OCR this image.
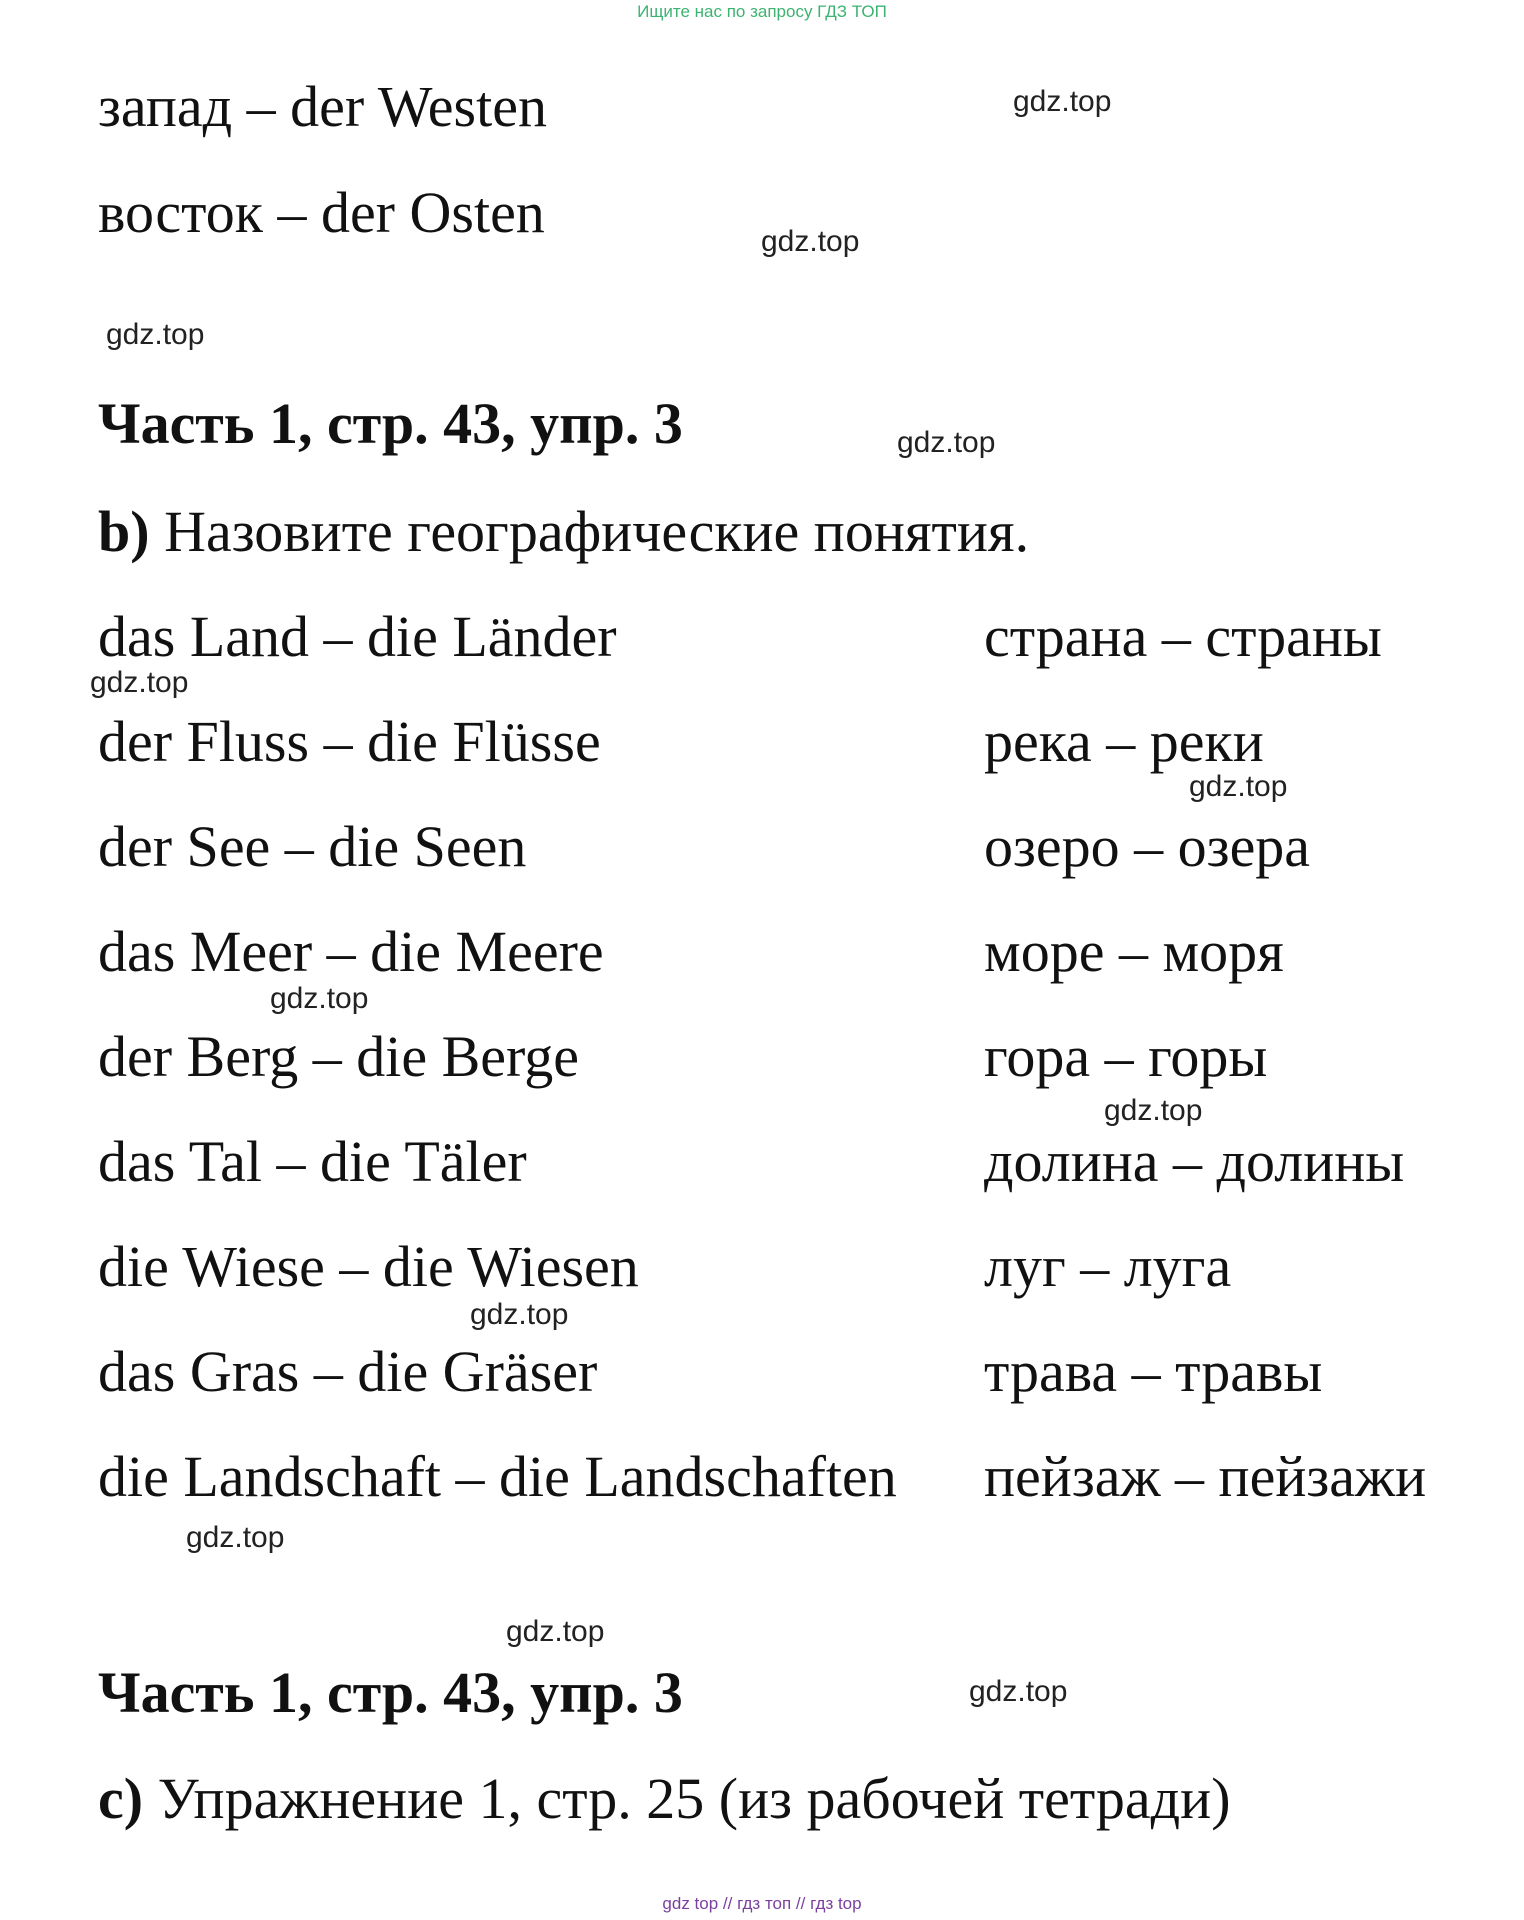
Ищите нас по запросу ГДЗ ТОП
запад – der Westen
восток – der Osten
Часть 1, стр. 43, упр. 3
b) Назовите географические понятия.
das Land – die Länder	страна – страны
der Fluss – die Flüsse	река – реки
der See – die Seen	озеро – озера
das Meer – die Meere	море – моря
der Berg – die Berge	гора – горы
das Tal – die Täler	долина – долины
die Wiese – die Wiesen	луг – луга
das Gras – die Gräser	трава – травы
die Landschaft – die Landschaften пейзаж – пейзажи
Часть 1, стр. 43, упр. 3
c) Упражнение 1, стр. 25 (из рабочей тетради)
gdz.top
gdz.top
gdz.top
gdz.top
gdz.top
gdz.top
gdz.top
gdz.top
gdz.top
gdz.top
gdz.top
gdz.top
gdz top // гдз топ // гдз top
